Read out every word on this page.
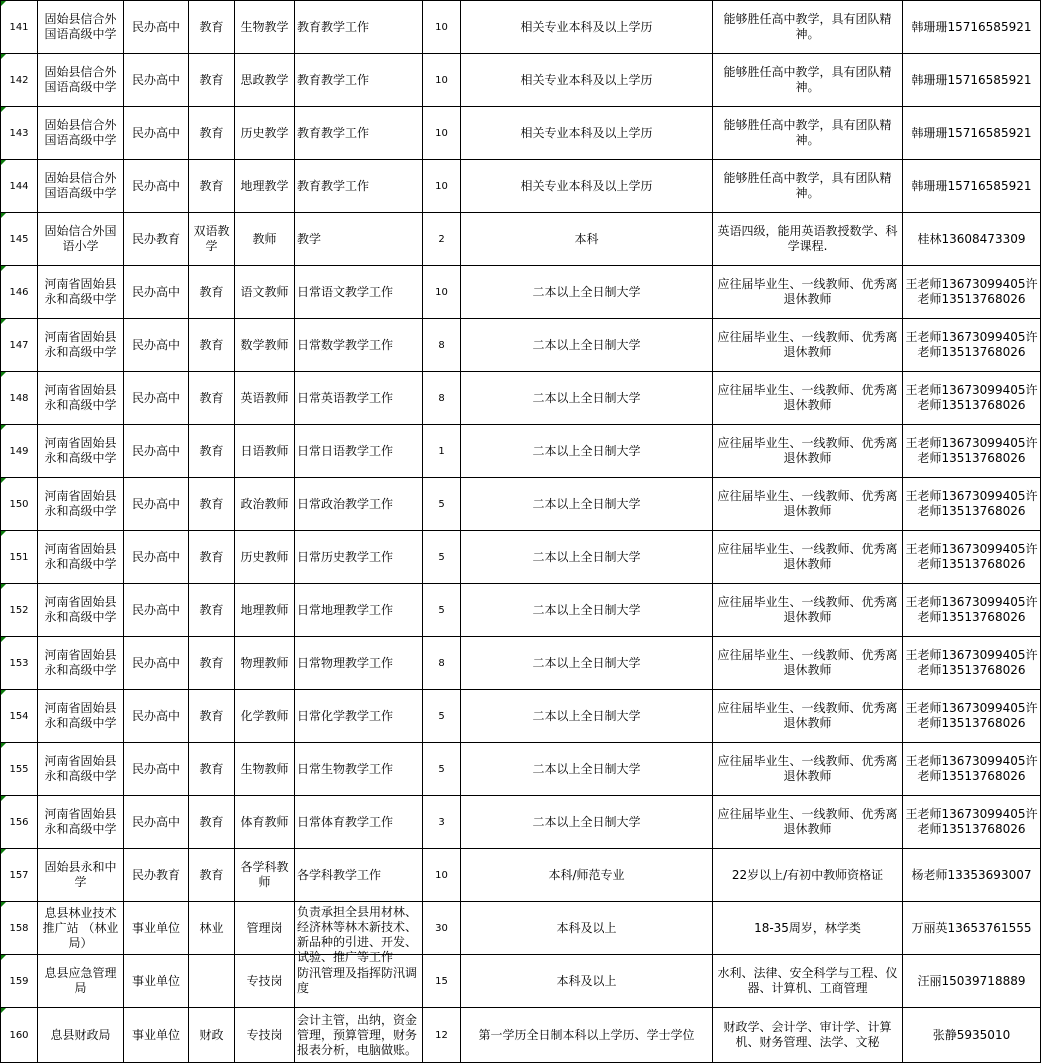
141	固始县信合外国语高级中学	民办高中	教育	生物教学	教育教学工作	10	相关专业本科及以上学历	能够胜任高中教学，具有团队精神。	韩珊珊15716585921

142	固始县信合外国语高级中学	民办高中	教育	思政教学	教育教学工作	10	相关专业本科及以上学历	能够胜任高中教学，具有团队精神。	韩珊珊15716585921

143	固始县信合外国语高级中学	民办高中	教育	历史教学	教育教学工作	10	相关专业本科及以上学历	能够胜任高中教学，具有团队精神。	韩珊珊15716585921

144	固始县信合外国语高级中学	民办高中	教育	地理教学	教育教学工作	10	相关专业本科及以上学历	能够胜任高中教学，具有团队精神。	韩珊珊15716585921

145	固始信合外国语小学	民办教育	双语教学	教师	教学	2	本科	英语四级，能用英语教授数学、科学课程.	桂林13608473309

146	河南省固始县永和高级中学	民办高中	教育	语文教师	日常语文教学工作	10	二本以上全日制大学	应往届毕业生、一线教师、优秀离退休教师	王老师13673099405许老师13513768026

147	河南省固始县永和高级中学	民办高中	教育	数学教师	日常数学教学工作	8	二本以上全日制大学	应往届毕业生、一线教师、优秀离退休教师	王老师13673099405许老师13513768026

148	河南省固始县永和高级中学	民办高中	教育	英语教师	日常英语教学工作	8	二本以上全日制大学	应往届毕业生、一线教师、优秀离退休教师	王老师13673099405许老师13513768026

149	河南省固始县永和高级中学	民办高中	教育	日语教师	日常日语教学工作	1	二本以上全日制大学	应往届毕业生、一线教师、优秀离退休教师	王老师13673099405许老师13513768026

150	河南省固始县永和高级中学	民办高中	教育	政治教师	日常政治教学工作	5	二本以上全日制大学	应往届毕业生、一线教师、优秀离退休教师	王老师13673099405许老师13513768026

151	河南省固始县永和高级中学	民办高中	教育	历史教师	日常历史教学工作	5	二本以上全日制大学	应往届毕业生、一线教师、优秀离退休教师	王老师13673099405许老师13513768026

152	河南省固始县永和高级中学	民办高中	教育	地理教师	日常地理教学工作	5	二本以上全日制大学	应往届毕业生、一线教师、优秀离退休教师	王老师13673099405许老师13513768026

153	河南省固始县永和高级中学	民办高中	教育	物理教师	日常物理教学工作	8	二本以上全日制大学	应往届毕业生、一线教师、优秀离退休教师	王老师13673099405许老师13513768026

154	河南省固始县永和高级中学	民办高中	教育	化学教师	日常化学教学工作	5	二本以上全日制大学	应往届毕业生、一线教师、优秀离退休教师	王老师13673099405许老师13513768026

155	河南省固始县永和高级中学	民办高中	教育	生物教师	日常生物教学工作	5	二本以上全日制大学	应往届毕业生、一线教师、优秀离退休教师	王老师13673099405许老师13513768026

156	河南省固始县永和高级中学	民办高中	教育	体育教师	日常体育教学工作	3	二本以上全日制大学	应往届毕业生、一线教师、优秀离退休教师	王老师13673099405许老师13513768026

157	固始县永和中学	民办教育	教育	各学科教师	各学科教学工作	10	本科/师范专业	22岁以上/有初中教师资格证	杨老师13353693007

158	息县林业技术推广站 （林业局）	事业单位	林业	管理岗	负责承担全县用材林、经济林等林木新技术、新品种的引进、开发、试验、推广等工作	30	本科及以上	18-35周岁，林学类	万丽英13653761555

159	息县应急管理局	事业单位		专技岗	防汛管理及指挥防汛调度	15	本科及以上	水利、法律、安全科学与工程、仪器、计算机、工商管理	汪丽15039718889

160	息县财政局	事业单位	财政	专技岗	会计主管，出纳，资金管理，预算管理，财务报表分析，电脑做账。	12	第一学历全日制本科以上学历、学士学位	财政学、会计学、审计学、计算机、财务管理、法学、文秘	张静5935010
